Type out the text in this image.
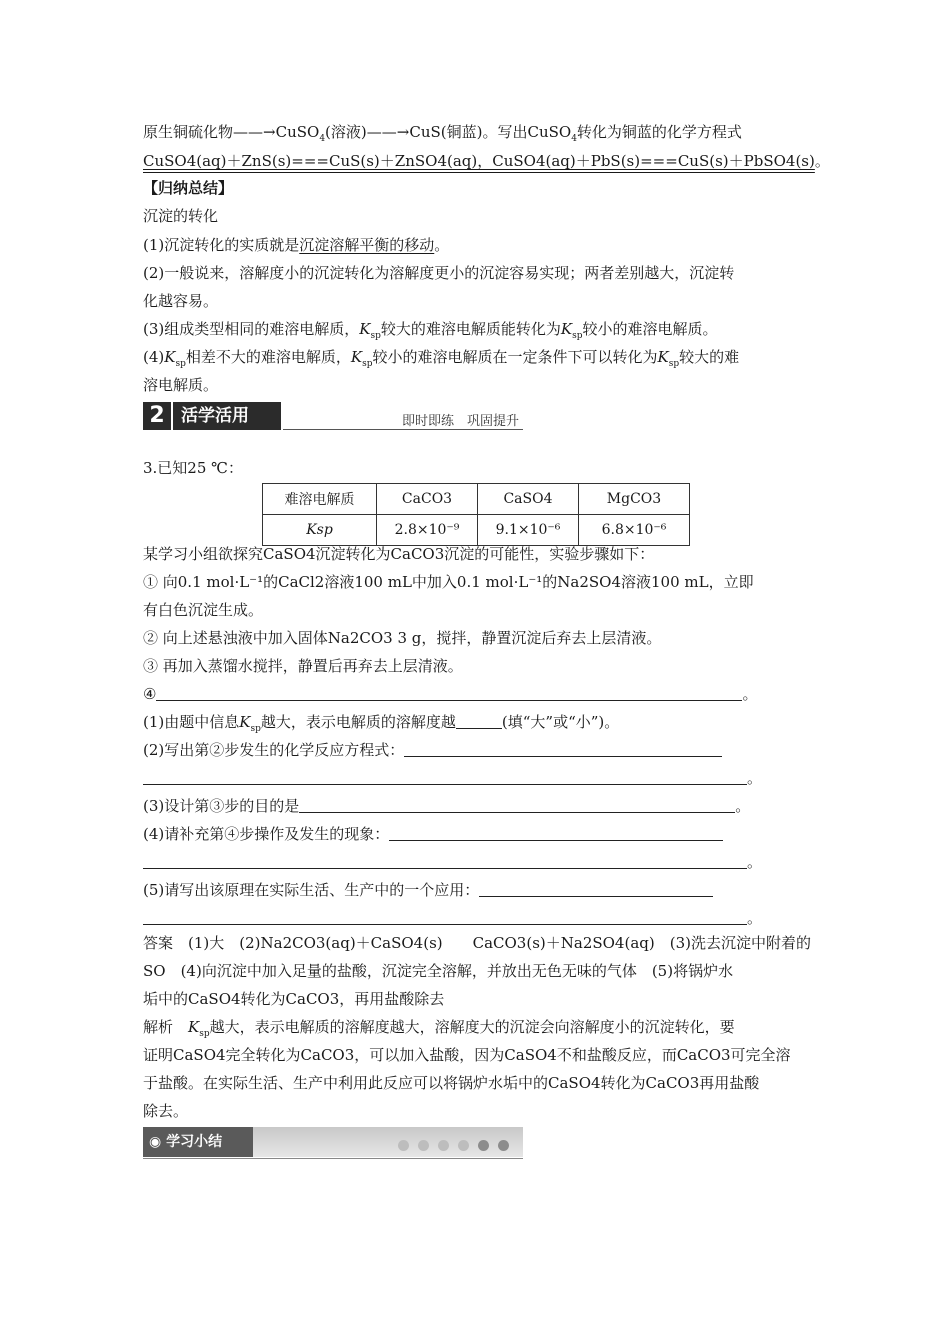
原生铜硫化物——→CuSO$_4$(溶液)——→CuS(铜蓝)。写出CuSO$_4$转化为铜蓝的化学方程式
CuSO4(aq)＋ZnS(s)===CuS(s)＋ZnSO4(aq)，CuSO4(aq)＋PbS(s)===CuS(s)＋PbSO4(s)。
【归纳总结】
沉淀的转化
(1)沉淀转化的实质就是沉淀溶解平衡的移动。
(2)一般说来，溶解度小的沉淀转化为溶解度更小的沉淀容易实现；两者差别越大，沉淀转
化越容易。
(3)组成类型相同的难溶电解质，$K_{sp}$较大的难溶电解质能转化为$K_{sp}$较小的难溶电解质。
$(4)K_{sp}$相差不大的难溶电解质，$K_{sp}$较小的难溶电解质在一定条件下可以转化为$K_{sp}$较大的难
溶电解质。
2 活学活用	即时即练　巩固提升
3.已知25 ℃：
难溶电解质	CaCO3	CaSO4	MgCO3
Ksp	2.8×10⁻⁹	9.1×10⁻⁶	6.8×10⁻⁶
某学习小组欲探究CaSO4沉淀转化为CaCO3沉淀的可能性，实验步骤如下：
① 向0.1 mol·L⁻¹的CaCl2溶液100 mL中加入0.1 mol·L⁻¹的Na2SO4溶液100 mL，立即
有白色沉淀生成。
② 向上述悬浊液中加入固体Na2CO3 3 g，搅拌，静置沉淀后弃去上层清液。
③ 再加入蒸馏水搅拌，静置后再弃去上层清液。
④	。
(1)由题中信息$K_{sp}$越大，表示电解质的溶解度越	(填“大”或“小”)。
(2)写出第②步发生的化学反应方程式：
。
(3)设计第③步的目的是	。
(4)请补充第④步操作及发生的现象：
。
(5)请写出该原理在实际生活、生产中的一个应用：
。
答案　(1)大　(2)Na2CO3(aq)＋CaSO4(s)　　CaCO3(s)＋Na2SO4(aq)　(3)洗去沉淀中附着的
SO　(4)向沉淀中加入足量的盐酸，沉淀完全溶解，并放出无色无味的气体　(5)将锅炉水
垢中的CaSO4转化为CaCO3，再用盐酸除去
解析　$K_{sp}$越大，表示电解质的溶解度越大，溶解度大的沉淀会向溶解度小的沉淀转化，要
证明CaSO4完全转化为CaCO3，可以加入盐酸，因为CaSO4不和盐酸反应，而CaCO3可完全溶
于盐酸。在实际生活、生产中利用此反应可以将锅炉水垢中的CaSO4转化为CaCO3再用盐酸
除去。
◉ 学习小结
